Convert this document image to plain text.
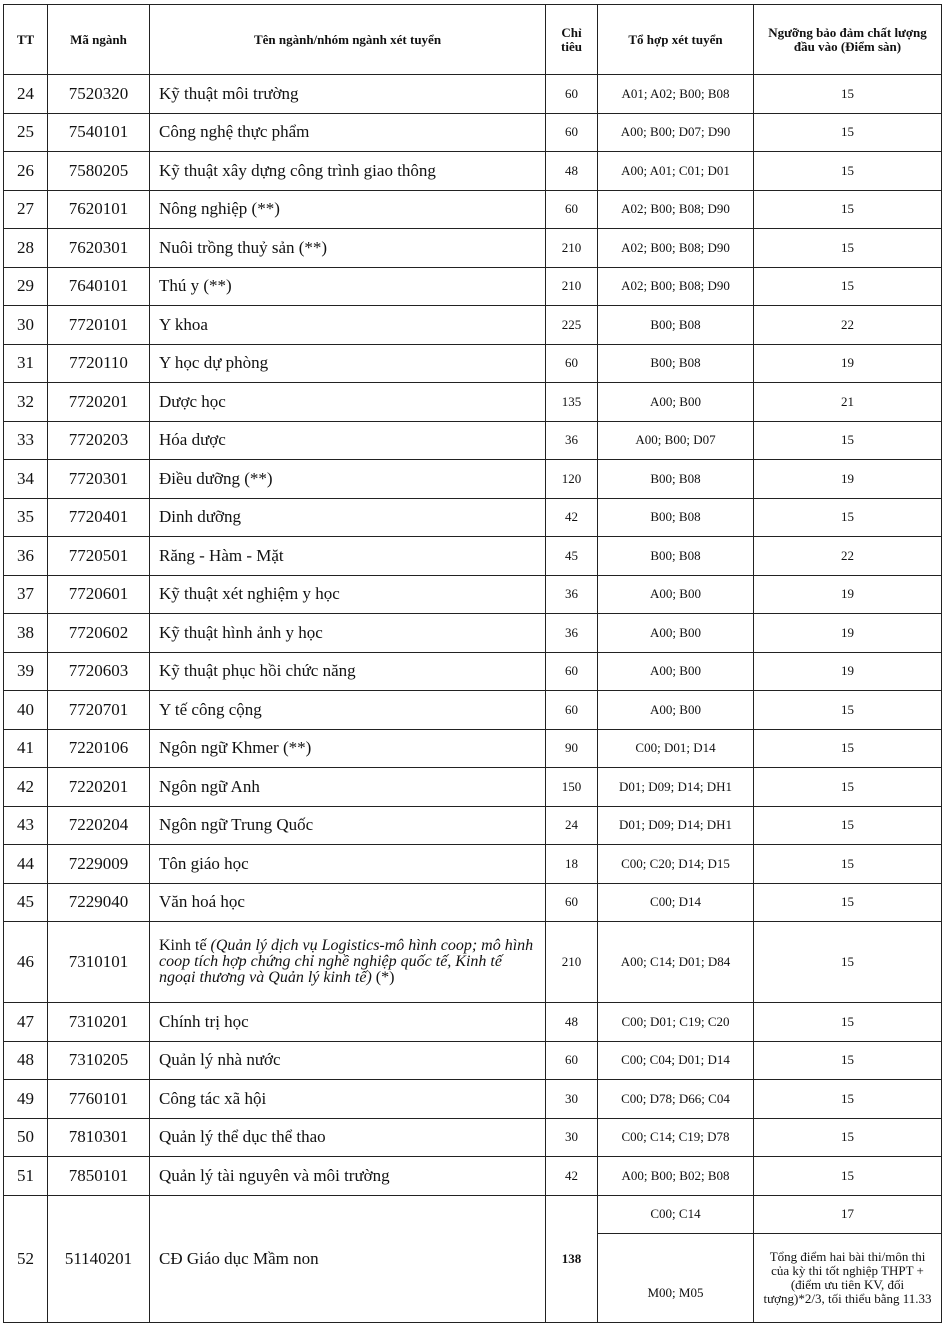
TT	Mã ngành	Tên ngành/nhóm ngành xét tuyển	Chỉ tiêu	Tổ hợp xét tuyển	Ngưỡng bảo đảm chất lượng đầu vào (Điểm sàn)
24	7520320	Kỹ thuật môi trường	60	A01; A02; B00; B08	15
25	7540101	Công nghệ thực phẩm	60	A00; B00; D07; D90	15
26	7580205	Kỹ thuật xây dựng công trình giao thông	48	A00; A01; C01; D01	15
27	7620101	Nông nghiệp (**)	60	A02; B00; B08; D90	15
28	7620301	Nuôi trồng thuỷ sản (**)	210	A02; B00; B08; D90	15
29	7640101	Thú y (**)	210	A02; B00; B08; D90	15
30	7720101	Y khoa	225	B00; B08	22
31	7720110	Y học dự phòng	60	B00; B08	19
32	7720201	Dược học	135	A00; B00	21
33	7720203	Hóa dược	36	A00; B00; D07	15
34	7720301	Điều dưỡng (**)	120	B00; B08	19
35	7720401	Dinh dưỡng	42	B00; B08	15
36	7720501	Răng - Hàm - Mặt	45	B00; B08	22
37	7720601	Kỹ thuật xét nghiệm y học	36	A00; B00	19
38	7720602	Kỹ thuật hình ảnh y học	36	A00; B00	19
39	7720603	Kỹ thuật phục hồi chức năng	60	A00; B00	19
40	7720701	Y tế công cộng	60	A00; B00	15
41	7220106	Ngôn ngữ Khmer (**)	90	C00; D01; D14	15
42	7220201	Ngôn ngữ Anh	150	D01; D09; D14; DH1	15
43	7220204	Ngôn ngữ Trung Quốc	24	D01; D09; D14; DH1	15
44	7229009	Tôn giáo học	18	C00; C20; D14; D15	15
45	7229040	Văn hoá học	60	C00; D14	15
46	7310101	Kinh tế (Quản lý dịch vụ Logistics-mô hình coop; mô hình coop tích hợp chứng chỉ nghề nghiệp quốc tế, Kinh tế ngoại thương và Quản lý kinh tế) (*)	210	A00; C14; D01; D84	15
47	7310201	Chính trị học	48	C00; D01; C19; C20	15
48	7310205	Quản lý nhà nước	60	C00; C04; D01; D14	15
49	7760101	Công tác xã hội	30	C00; D78; D66; C04	15
50	7810301	Quản lý thể dục thể thao	30	C00; C14; C19; D78	15
51	7850101	Quản lý tài nguyên và môi trường	42	A00; B00; B02; B08	15
52	51140201	CĐ Giáo dục Mầm non	138	C00; C14	17
				M00; M05	Tổng điểm hai bài thi/môn thi của kỳ thi tốt nghiệp THPT + (điểm ưu tiên KV, đối tượng)*2/3, tối thiểu bằng 11.33
